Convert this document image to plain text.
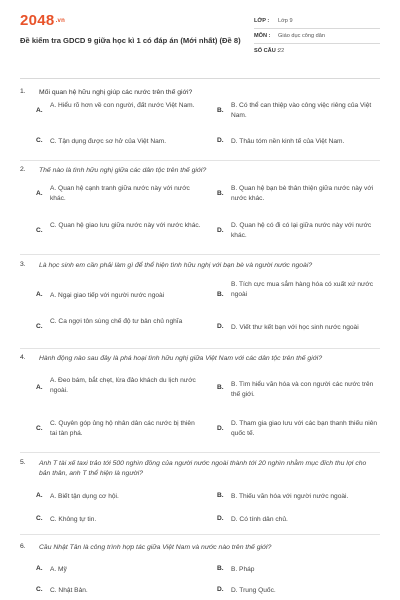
2048.vn
Đề kiểm tra GDCD 9 giữa học kì 1 có đáp án (Mới nhất) (Đề 8)
LỚP : Lớp 9
MÔN : Giáo dục công dân
SỐ CÂU :
22
1. Mối quan hệ hữu nghị giúp các nước trên thế giới?
A.
A. Hiểu rõ hơn về con người, đất nước Việt Nam.
B.
B. Có thể can thiệp vào công việc riêng của Việt Nam.
C. C. Tận dụng được sơ hở của Việt Nam.	D. D. Thâu tóm nền kinh tế của Việt Nam.
2. Thế nào là tình hữu nghị giữa các dân tộc trên thế giới?
A.
A. Quan hệ cạnh tranh giữa nước này với nước khác.
B.
B. Quan hệ bạn bè thân thiện giữa nước này với nước khác.
C.
C. Quan hệ giao lưu giữa nước này với nước khác.
D.
D. Quan hệ có đi có lại giữa nước này với nước khác.
3. Là học sinh em cần phải làm gì để thể hiện tình hữu nghị với bạn bè và người nước ngoài?
A. A. Ngại giao tiếp với người nước ngoài	B.
B. Tích cực mua sắm hàng hóa có xuất xứ nước ngoài
C.
C. Ca ngợi tôn sùng chế độ tư bản chủ nghĩa
D. D. Viết thư kết bạn với học sinh nước ngoài
4. Hành động nào sau đây là phá hoại tình hữu nghị giữa Việt Nam với các dân tộc trên thế giới?
A.
A. Đeo bám, bắt chẹt, lừa đảo khách du lịch nước ngoài.	B. B. Tìm hiểu văn hóa và con người các nước trên thế giới.
C.
C. Quyên góp ủng hộ nhân dân các nước bị thiên tai tàn phá.
D.
D. Tham gia giao lưu với các bạn thanh thiếu niên quốc tế.
5. Anh T tài xế taxi trảo tới 500 nghìn đồng của người nước ngoài thành tới 20 nghìn nhằm mục đích thu lợi cho bản thân, anh T thể hiện là người?
A. A. Biết tận dụng cơ hội.	B. B. Thiếu văn hóa với người nước ngoài.
C. C. Không tự tin.	D. D. Có tính dân chủ.
6. Cầu Nhật Tân là công trình hợp tác giữa Việt Nam và nước nào trên thế giới?
A. A. Mỹ	B. B. Pháp
C. C. Nhật Bản.	D. D. Trung Quốc.
